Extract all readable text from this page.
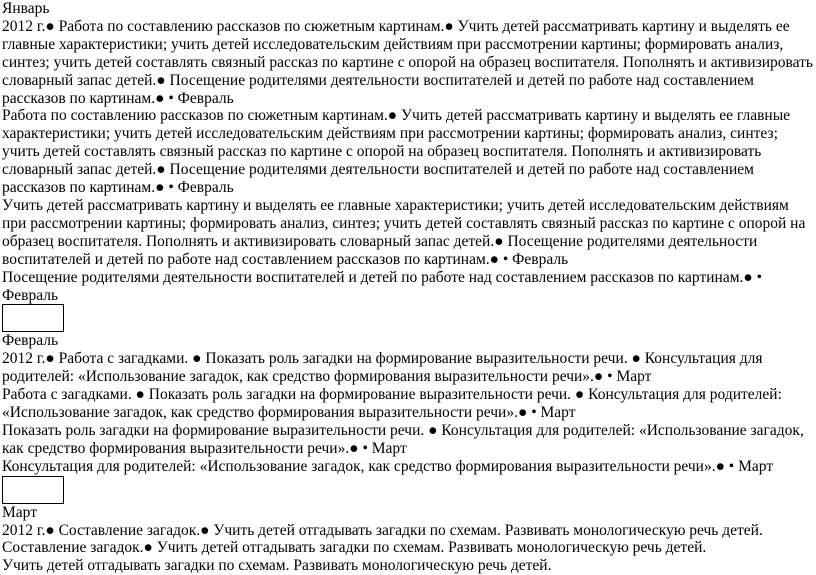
Январь
2012 г.● Работа по составлению рассказов по сюжетным картинам.● Учить детей рассматривать картину и выделять ее главные характеристики; учить детей исследовательским действиям при рассмотрении картины; формировать анализ, синтез; учить детей составлять связный рассказ по картине с опорой на образец воспитателя. Пополнять и активизировать словарный запас детей.● Посещение родителями деятельности воспитателей и детей по работе над составлением рассказов по картинам.● • Февраль
Работа по составлению рассказов по сюжетным картинам.● Учить детей рассматривать картину и выделять ее главные характеристики; учить детей исследовательским действиям при рассмотрении картины; формировать анализ, синтез; учить детей составлять связный рассказ по картине с опорой на образец воспитателя. Пополнять и активизировать словарный запас детей.● Посещение родителями деятельности воспитателей и детей по работе над составлением рассказов по картинам.● • Февраль
Учить детей рассматривать картину и выделять ее главные характеристики; учить детей исследовательским действиям при рассмотрении картины; формировать анализ, синтез; учить детей составлять связный рассказ по картине с опорой на образец воспитателя. Пополнять и активизировать словарный запас детей.● Посещение родителями деятельности воспитателей и детей по работе над составлением рассказов по картинам.● • Февраль
Посещение родителями деятельности воспитателей и детей по работе над составлением рассказов по картинам.● • Февраль
Февраль
2012 г.● Работа с загадками. ● Показать роль загадки на формирование выразительности речи. ● Консультация для родителей: «Использование загадок, как средство формирования выразительности речи».● • Март
Работа с загадками. ● Показать роль загадки на формирование выразительности речи. ● Консультация для родителей: «Использование загадок, как средство формирования выразительности речи».● • Март
Показать роль загадки на формирование выразительности речи. ● Консультация для родителей: «Использование загадок, как средство формирования выразительности речи».● • Март
Консультация для родителей: «Использование загадок, как средство формирования выразительности речи».● • Март
Март
2012 г.● Составление загадок.● Учить детей отгадывать загадки по схемам. Развивать монологическую речь детей.
Составление загадок.● Учить детей отгадывать загадки по схемам. Развивать монологическую речь детей.
Учить детей отгадывать загадки по схемам. Развивать монологическую речь детей.
